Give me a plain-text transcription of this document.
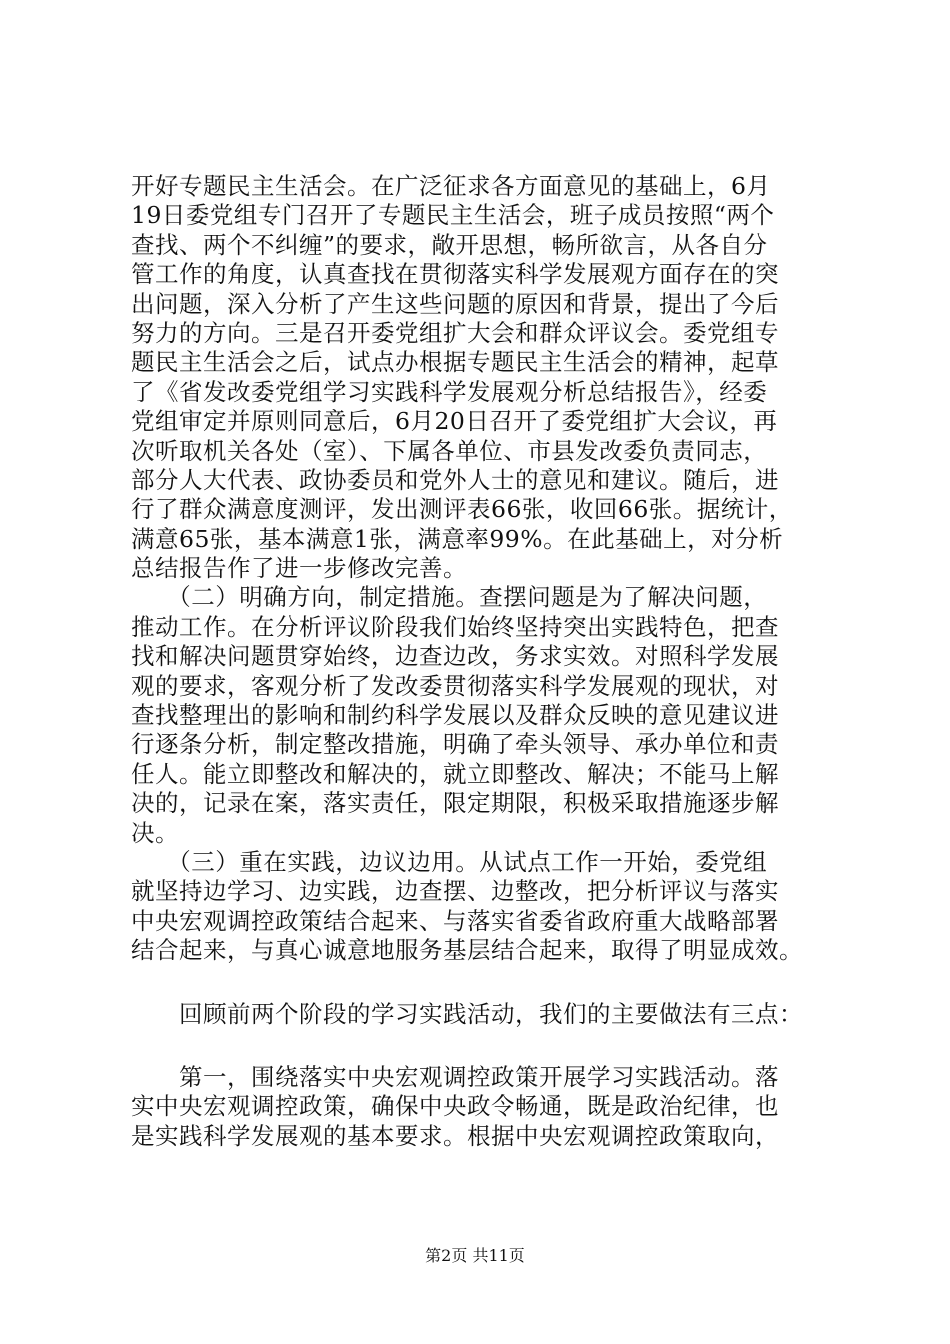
开好专题民主生活会。在广泛征求各方面意见的基础上，6月
19日委党组专门召开了专题民主生活会，班子成员按照“两个
查找、两个不纠缠”的要求，敞开思想，畅所欲言，从各自分
管工作的角度，认真查找在贯彻落实科学发展观方面存在的突
出问题，深入分析了产生这些问题的原因和背景，提出了今后
努力的方向。三是召开委党组扩大会和群众评议会。委党组专
题民主生活会之后，试点办根据专题民主生活会的精神，起草
了《省发改委党组学习实践科学发展观分析总结报告》，经委
党组审定并原则同意后，6月20日召开了委党组扩大会议，再
次听取机关各处（室）、下属各单位、市县发改委负责同志，
部分人大代表、政协委员和党外人士的意见和建议。随后，进
行了群众满意度测评，发出测评表66张，收回66张。据统计，
满意65张，基本满意1张，满意率99%。在此基础上，对分析
总结报告作了进一步修改完善。
　　（二）明确方向，制定措施。查摆问题是为了解决问题，
推动工作。在分析评议阶段我们始终坚持突出实践特色，把查
找和解决问题贯穿始终，边查边改，务求实效。对照科学发展
观的要求，客观分析了发改委贯彻落实科学发展观的现状，对
查找整理出的影响和制约科学发展以及群众反映的意见建议进
行逐条分析，制定整改措施，明确了牵头领导、承办单位和责
任人。能立即整改和解决的，就立即整改、解决；不能马上解
决的，记录在案，落实责任，限定期限，积极采取措施逐步解
决。
　　（三）重在实践，边议边用。从试点工作一开始，委党组
就坚持边学习、边实践，边查摆、边整改，把分析评议与落实
中央宏观调控政策结合起来、与落实省委省政府重大战略部署
结合起来，与真心诚意地服务基层结合起来，取得了明显成效。
　　回顾前两个阶段的学习实践活动，我们的主要做法有三点：
　　第一，围绕落实中央宏观调控政策开展学习实践活动。落
实中央宏观调控政策，确保中央政令畅通，既是政治纪律，也
是实践科学发展观的基本要求。根据中央宏观调控政策取向，
第2页 共11页
